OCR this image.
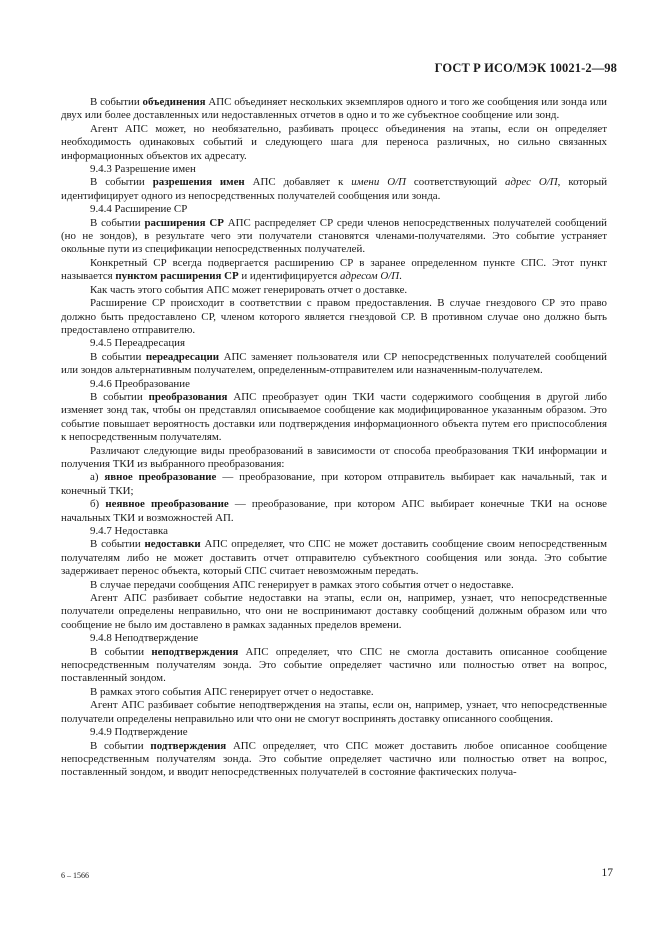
ГОСТ Р ИСО/МЭК 10021-2—98

В событии объединения АПС объединяет нескольких экземпляров одного и того же сообщения или зонда или двух или более доставленных или недоставленных отчетов в одно и то же субъектное сообщение или зонд.

Агент АПС может, но необязательно, разбивать процесс объединения на этапы, если он определяет необходимость одинаковых событий и следующего шага для переноса различных, но сильно связанных информационных объектов их адресату.

9.4.3 Разрешение имен

В событии разрешения имен АПС добавляет к имени О/П соответствующий адрес О/П, который идентифицирует одного из непосредственных получателей сообщения или зонда.

9.4.4 Расширение СР

В событии расширения СР АПС распределяет СР среди членов непосредственных получателей сообщений (но не зондов), в результате чего эти получатели становятся членами-получателями. Это событие устраняет окольные пути из спецификации непосредственных получателей.

Конкретный СР всегда подвергается расширению СР в заранее определенном пункте СПС. Этот пункт называется пунктом расширения СР и идентифицируется адресом О/П.

Как часть этого события АПС может генерировать отчет о доставке.

Расширение СР происходит в соответствии с правом предоставления. В случае гнездового СР это право должно быть предоставлено СР, членом которого является гнездовой СР. В противном случае оно должно быть предоставлено отправителю.

9.4.5 Переадресация

В событии переадресации АПС заменяет пользователя или СР непосредственных получателей сообщений или зондов альтернативным получателем, определенным-отправителем или назначенным-получателем.

9.4.6 Преобразование

В событии преобразования АПС преобразует один ТКИ части содержимого сообщения в другой либо изменяет зонд так, чтобы он представлял описываемое сообщение как модифицированное указанным образом. Это событие повышает вероятность доставки или подтверждения информационного объекта путем его приспособления к непосредственным получателям.

Различают следующие виды преобразований в зависимости от способа преобразования ТКИ информации и получения ТКИ из выбранного преобразования:

а) явное преобразование — преобразование, при котором отправитель выбирает как начальный, так и конечный ТКИ;

б) неявное преобразование — преобразование, при котором АПС выбирает конечные ТКИ на основе начальных ТКИ и возможностей АП.

9.4.7 Недоставка

В событии недоставки АПС определяет, что СПС не может доставить сообщение своим непосредственным получателям либо не может доставить отчет отправителю субъектного сообщения или зонда. Это событие задерживает перенос объекта, который СПС считает невозможным передать.

В случае передачи сообщения АПС генерирует в рамках этого события отчет о недоставке.

Агент АПС разбивает событие недоставки на этапы, если он, например, узнает, что непосредственные получатели определены неправильно, что они не воспринимают доставку сообщений должным образом или что сообщение не было им доставлено в рамках заданных пределов времени.

9.4.8 Неподтверждение

В событии неподтверждения АПС определяет, что СПС не смогла доставить описанное сообщение непосредственным получателям зонда. Это событие определяет частично или полностью ответ на вопрос, поставленный зондом.

В рамках этого события АПС генерирует отчет о недоставке.

Агент АПС разбивает событие неподтверждения на этапы, если он, например, узнает, что непосредственные получатели определены неправильно или что они не смогут воспринять доставку описанного сообщения.

9.4.9 Подтверждение

В событии подтверждения АПС определяет, что СПС может доставить любое описанное сообщение непосредственным получателям зонда. Это событие определяет частично или полностью ответ на вопрос, поставленный зондом, и вводит непосредственных получателей в состояние фактических получа-

6 – 1566	17
